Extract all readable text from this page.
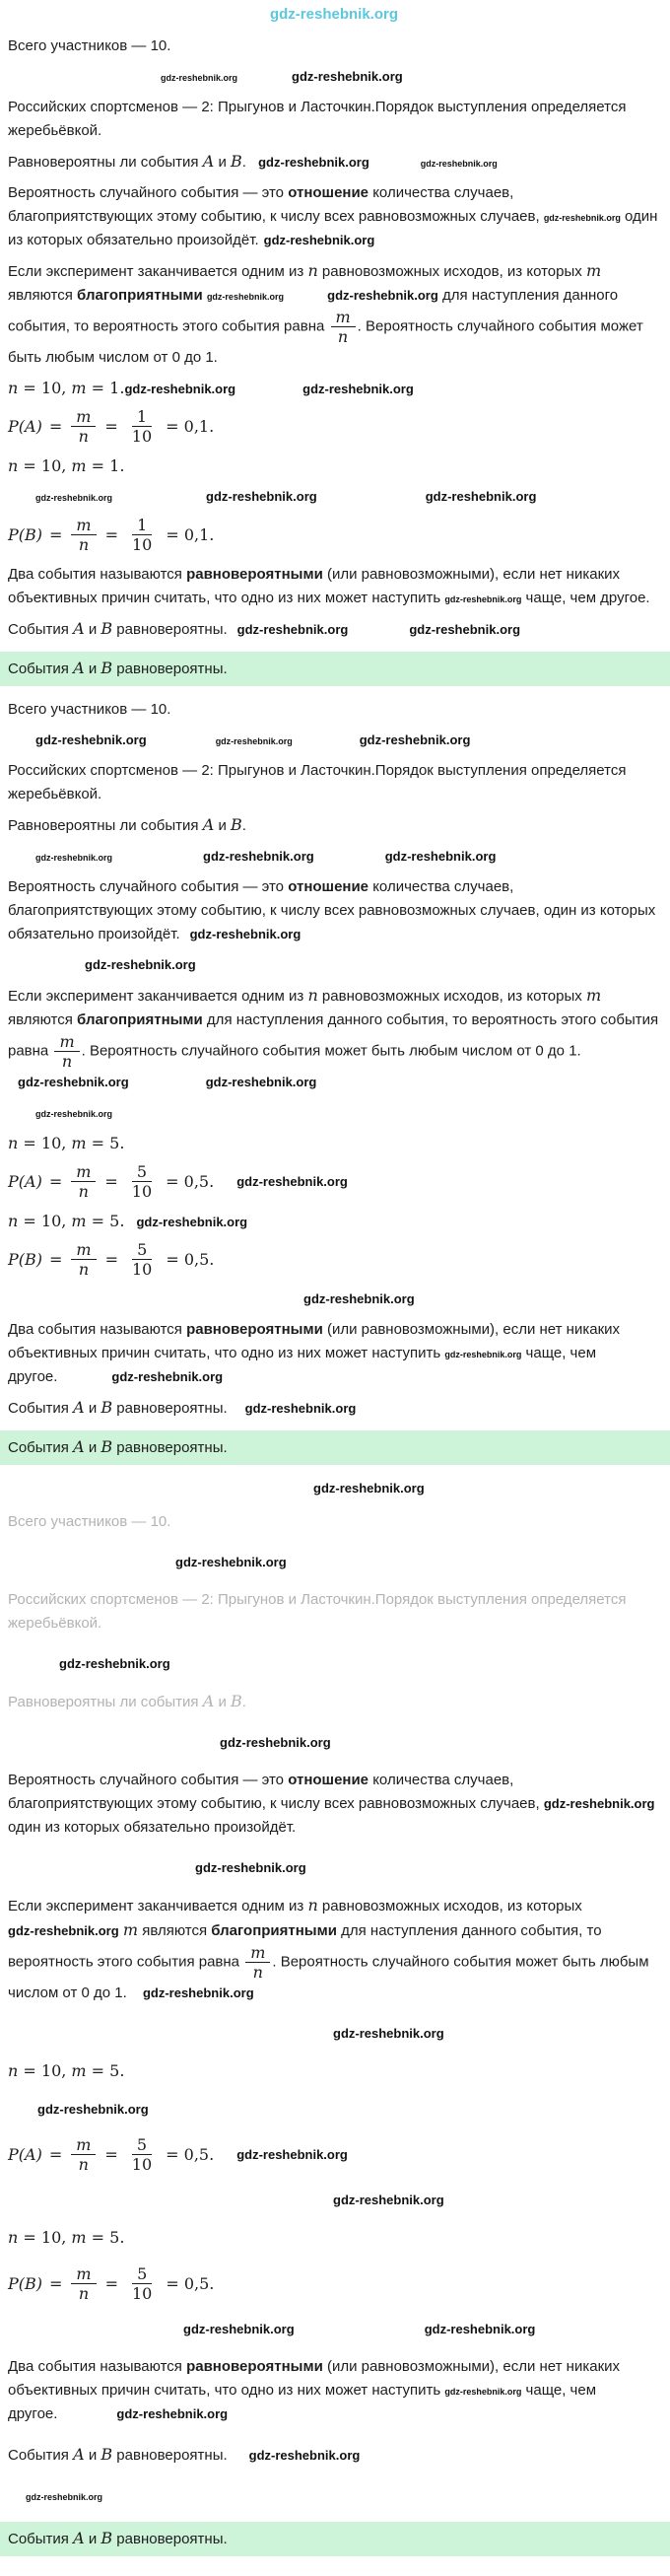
gdz-reshebnik.org

Всего участников — 10.

gdz-reshebnik.org	gdz-reshebnik.org

Российских спортсменов — 2: Прыгунов и Ласточкин.Порядок выступления определяется жеребьёвкой.

Равновероятны ли события A и B. gdz-reshebnik.org	gdz-reshebnik.org

Вероятность случайного события — это отношение количества случаев, благоприятствующих этому событию, к числу всех равновозможных случаев, gdz-reshebnik.org один из которых обязательно произойдёт. gdz-reshebnik.org

Если эксперимент заканчивается одним из n равновозможных исходов, из которых m являются благоприятными gdz-reshebnik.org	gdz-reshebnik.org для наступления данного события, то вероятность этого события равна $\frac{m}{n}$ . Вероятность случайного события может быть любым числом от 0 до 1.

n = 10, m = 1.gdz-reshebnik.org	gdz-reshebnik.org

$P(A) = \frac{m}{n} = \frac{1}{10} = 0,1$.

n = 10, m = 1.

gdz-reshebnik.org	gdz-reshebnik.org	gdz-reshebnik.org

$P(B) = \frac{m}{n} = \frac{1}{10} = 0,1$.

Два события называются равновероятными (или равновозможными), если нет никаких объективных причин считать, что одно из них может наступить gdz-reshebnik.org чаще, чем другое.

События A и B равновероятны. gdz-reshebnik.org	gdz-reshebnik.org

События A и B равновероятны.

Всего участников — 10.

gdz-reshebnik.org	gdz-reshebnik.org	gdz-reshebnik.org

Российских спортсменов — 2: Прыгунов и Ласточкин.Порядок выступления определяется жеребьёвкой.

Равновероятны ли события A и B.

gdz-reshebnik.org	gdz-reshebnik.org	gdz-reshebnik.org

Вероятность случайного события — это отношение количества случаев, благоприятствующих этому событию, к числу всех равновозможных случаев, один из которых обязательно произойдёт. gdz-reshebnik.org

gdz-reshebnik.org

Если эксперимент заканчивается одним из n равновозможных исходов, из которых m являются благоприятными для наступления данного события, то вероятность этого события равна $\frac{m}{n}$ . Вероятность случайного события может быть любым числом от 0 до 1. gdz-reshebnik.org	gdz-reshebnik.org

gdz-reshebnik.org

n = 10, m = 5.

$P(A) = \frac{m}{n} = \frac{5}{10} = 0,5$. gdz-reshebnik.org

n = 10, m = 5. gdz-reshebnik.org

$P(B) = \frac{m}{n} = \frac{5}{10} = 0,5$.

gdz-reshebnik.org

Два события называются равновероятными (или равновозможными), если нет никаких объективных причин считать, что одно из них может наступить gdz-reshebnik.org чаще, чем другое.	gdz-reshebnik.org

События A и B равновероятны. gdz-reshebnik.org

События A и B равновероятны.
gdz-reshebnik.org

Всего участников — 10.

gdz-reshebnik.org

Российских спортсменов — 2: Прыгунов и Ласточкин.Порядок выступления определяется жеребьёвкой.

gdz-reshebnik.org

Равновероятны ли события A и B.

gdz-reshebnik.org

Вероятность случайного события — это отношение количества случаев, благоприятствующих этому событию, к числу всех равновозможных случаев, gdz-reshebnik.org один из которых обязательно произойдёт.

gdz-reshebnik.org

Если эксперимент заканчивается одним из n равновозможных исходов, из которых gdz-reshebnik.org m являются благоприятными для наступления данного события, то вероятность этого события равна $\frac{m}{n}$ . Вероятность случайного события может быть любым числом от 0 до 1. gdz-reshebnik.org

gdz-reshebnik.org

n = 10, m = 5.

gdz-reshebnik.org

$P(A) = \frac{m}{n} = \frac{5}{10} = 0,5$. gdz-reshebnik.org

gdz-reshebnik.org

n = 10, m = 5.

$P(B) = \frac{m}{n} = \frac{5}{10} = 0,5$.

gdz-reshebnik.org	gdz-reshebnik.org

Два события называются равновероятными (или равновозможными), если нет никаких объективных причин считать, что одно из них может наступить gdz-reshebnik.org чаще, чем другое.	gdz-reshebnik.org

События A и B равновероятны. gdz-reshebnik.org

gdz-reshebnik.org
События A и B равновероятны.
